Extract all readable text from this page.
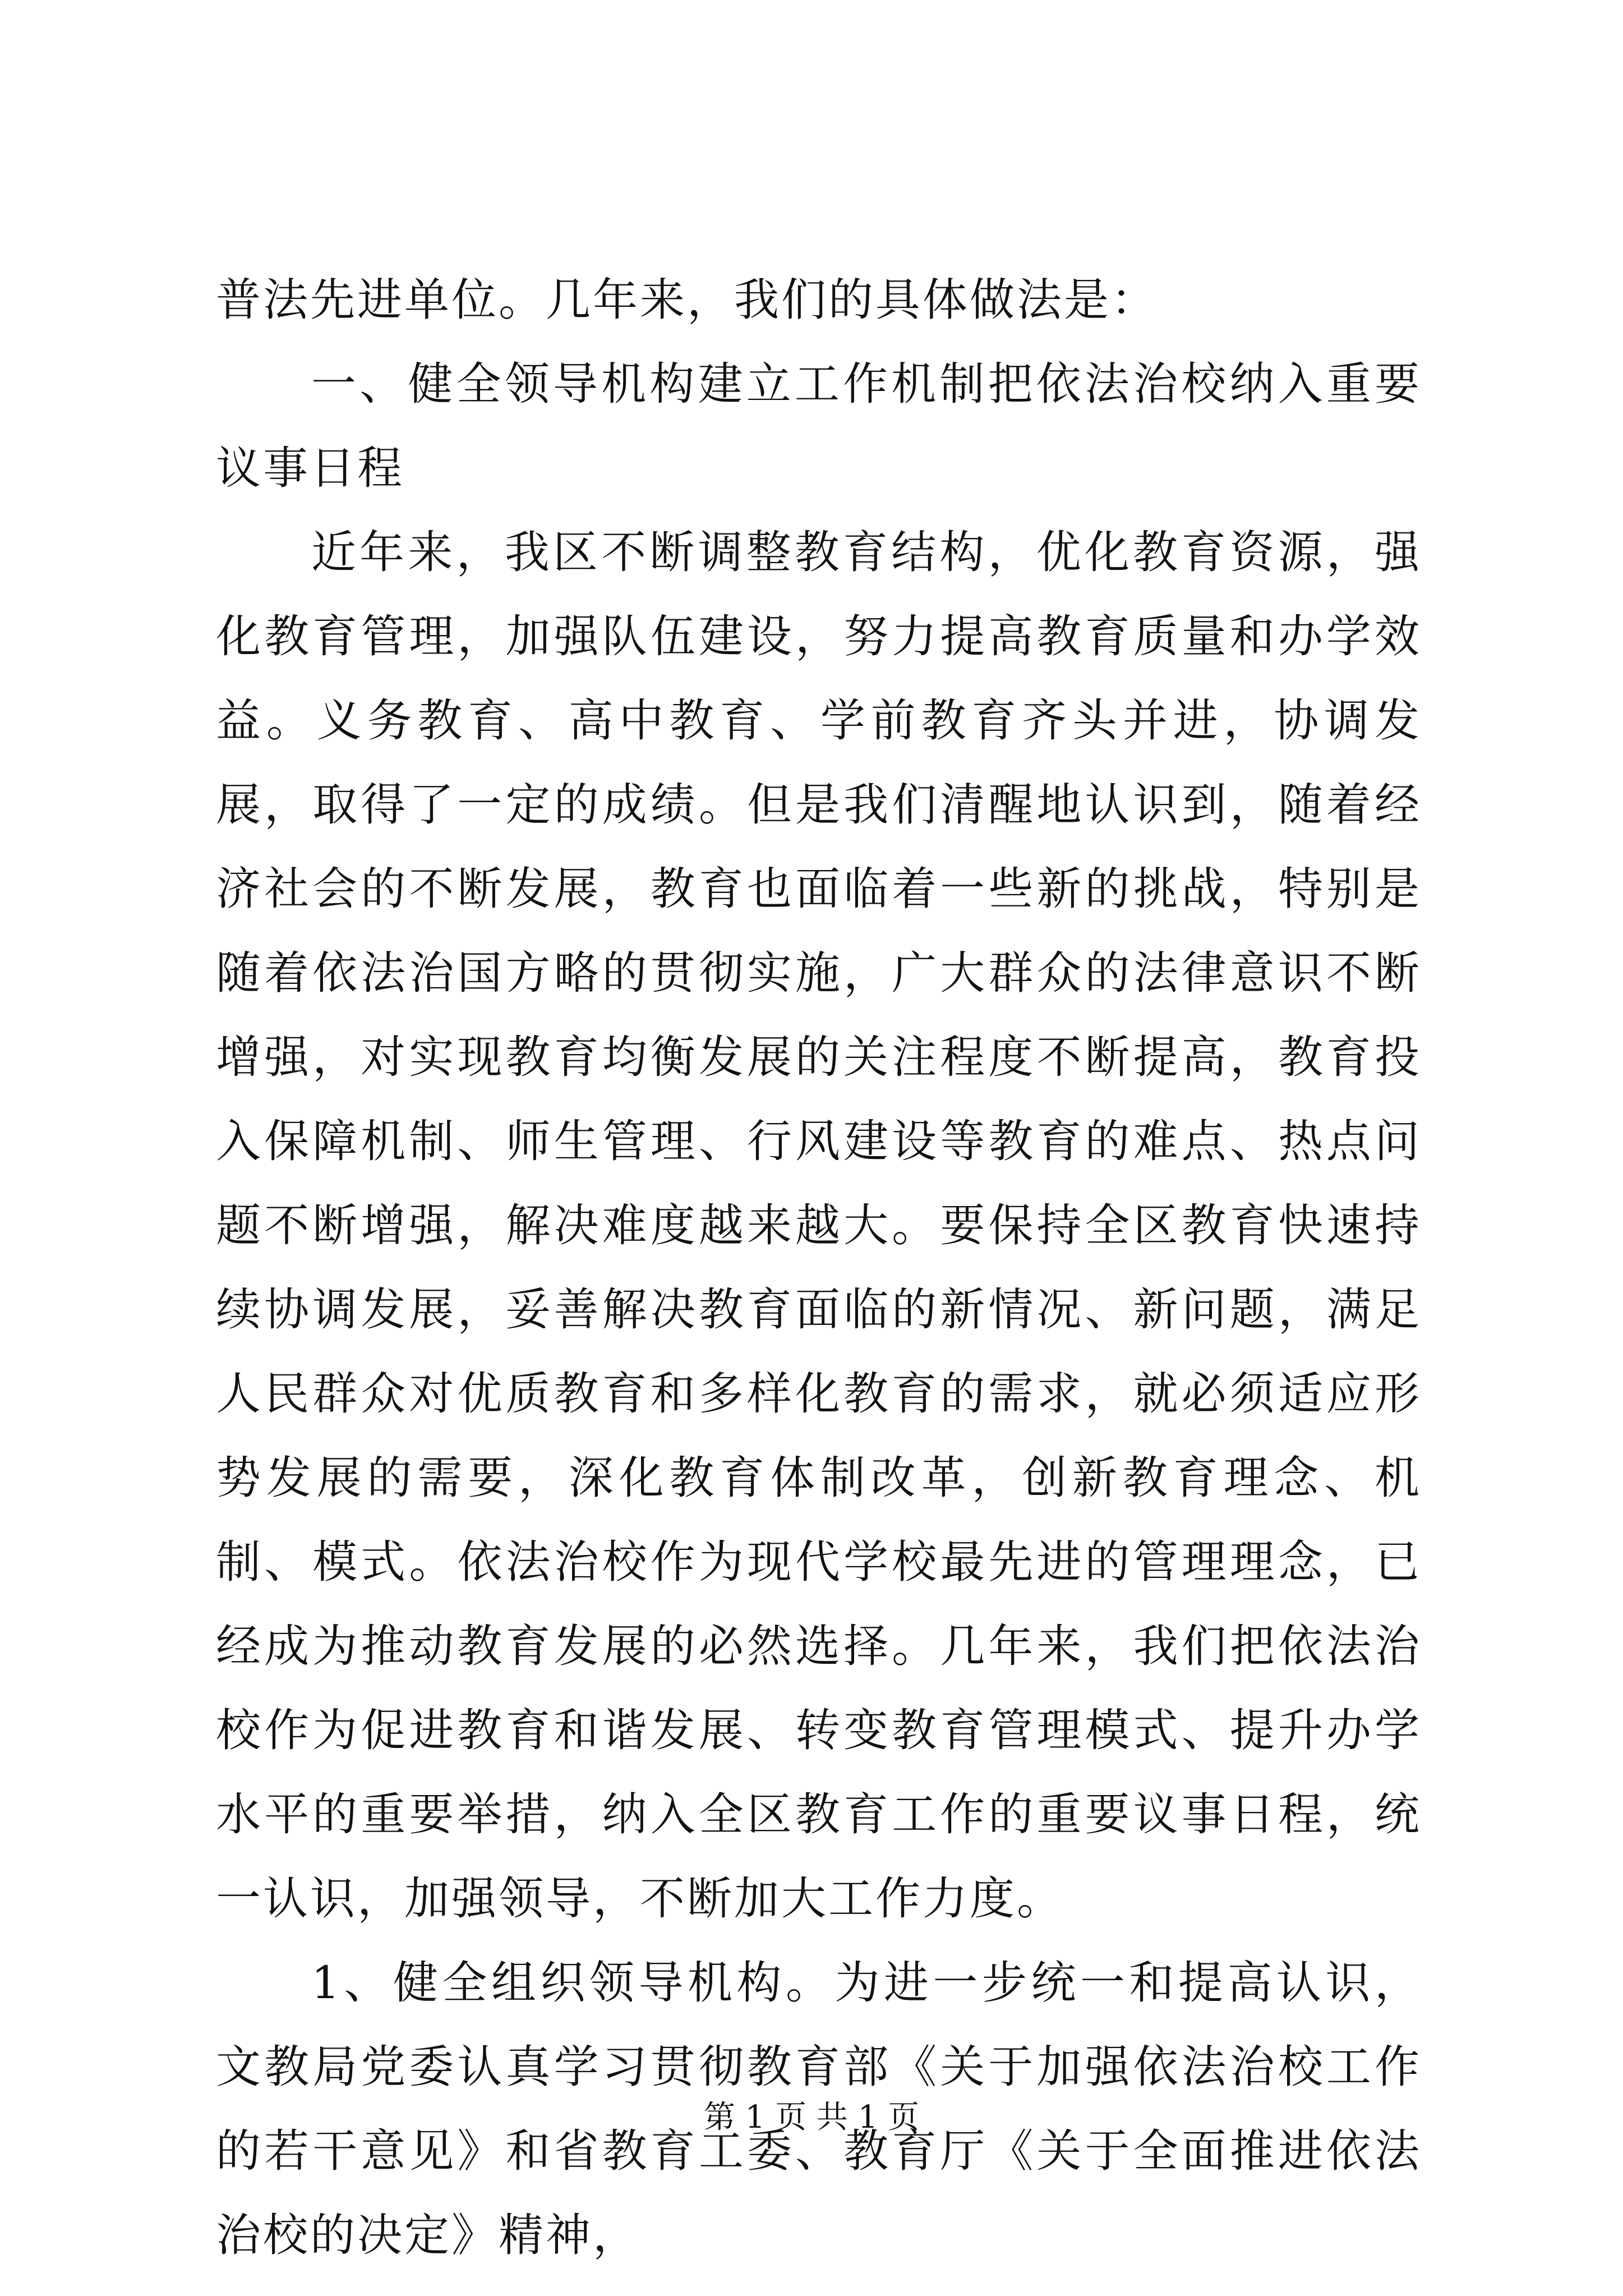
普法先进单位。几年来，我们的具体做法是：

一、健全领导机构建立工作机制把依法治校纳入重要议事日程

近年来，我区不断调整教育结构，优化教育资源，强化教育管理，加强队伍建设，努力提高教育质量和办学效益。义务教育、高中教育、学前教育齐头并进，协调发展，取得了一定的成绩。但是我们清醒地认识到，随着经济社会的不断发展，教育也面临着一些新的挑战，特别是随着依法治国方略的贯彻实施，广大群众的法律意识不断增强，对实现教育均衡发展的关注程度不断提高，教育投入保障机制、师生管理、行风建设等教育的难点、热点问题不断增强，解决难度越来越大。要保持全区教育快速持续协调发展，妥善解决教育面临的新情况、新问题，满足人民群众对优质教育和多样化教育的需求，就必须适应形势发展的需要，深化教育体制改革，创新教育理念、机制、模式。依法治校作为现代学校最先进的管理理念，已经成为推动教育发展的必然选择。几年来，我们把依法治校作为促进教育和谐发展、转变教育管理模式、提升办学水平的重要举措，纳入全区教育工作的重要议事日程，统一认识，加强领导，不断加大工作力度。

1、健全组织领导机构。为进一步统一和提高认识，文教局党委认真学习贯彻教育部《关于加强依法治校工作的若干意见》和省教育工委、教育厅《关于全面推进依法治校的决定》精神，

第 1 页 共 1 页
